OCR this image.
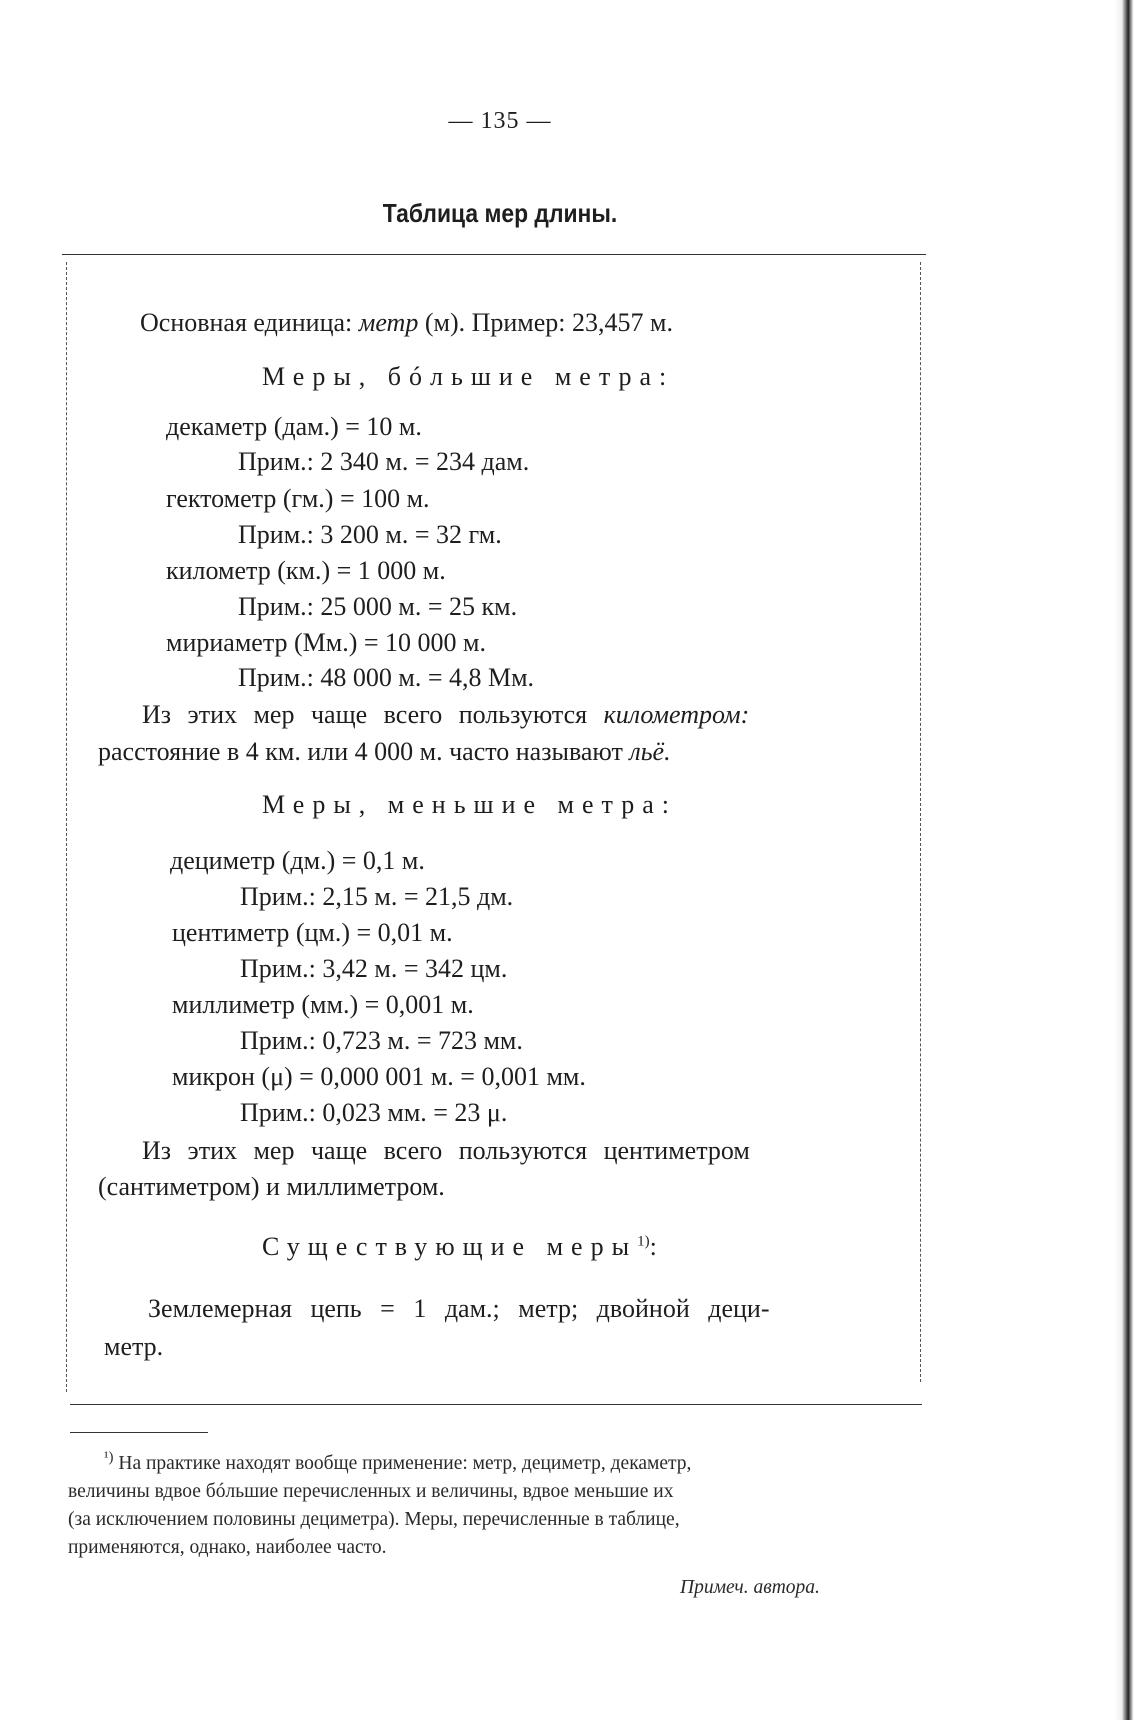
— 135 —
Таблица мер длины.
Основная единица: метр (м). Пример: 23,457 м.
Меры, бóльшие метра:
декаметр (дам.) = 10 м.
Прим.: 2 340 м. = 234 дам.
гектометр (гм.) = 100 м.
Прим.: 3 200 м. = 32 гм.
километр (км.) = 1 000 м.
Прим.: 25 000 м. = 25 км.
мириаметр (Мм.) = 10 000 м.
Прим.: 48 000 м. = 4,8 Мм.
Из этих мер чаще всего пользуются километром:
расстояние в 4 км. или 4 000 м. часто называют льё.
Меры, меньшие метра:
дециметр (дм.) = 0,1 м.
Прим.: 2,15 м. = 21,5 дм.
центиметр (цм.) = 0,01 м.
Прим.: 3,42 м. = 342 цм.
миллиметр (мм.) = 0,001 м.
Прим.: 0,723 м. = 723 мм.
микрон (μ) = 0,000 001 м. = 0,001 мм.
Прим.: 0,023 мм. = 23 μ.
Из этих мер чаще всего пользуются центиметром
(сантиметром) и миллиметром.
Существующие меры$^{1)}$:
Землемерная цепь = 1 дам.; метр; двойной деци-
метр.
$^{^1)}$ На практике находят вообще применение: метр, дециметр, декаметр,
величины вдвое бóльшие перечисленных и величины, вдвое меньшие их
(за исключением половины дециметра). Меры, перечисленные в таблице,
применяются, однако, наиболее часто.
Примеч. автора.
